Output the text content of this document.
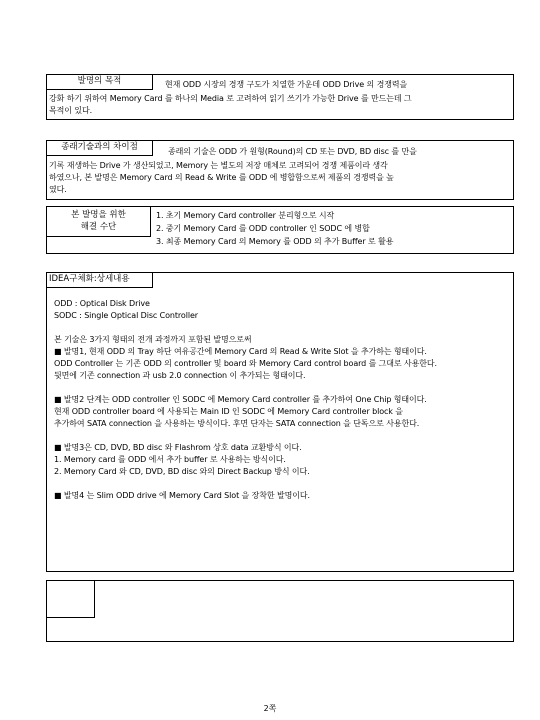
발명의 목적	현재 ODD 시장의 경쟁 구도가 치열한 가운데 ODD Drive 의 경쟁력을
강화 하기 위하여 Memory Card 를 하나의 Media 로 고려하여 읽기 쓰기가 가능한 Drive 를 만드는데 그
목적이 있다.
종래기술과의 차이점	종래의 기술은 ODD 가 원형(Round)의 CD 또는 DVD, BD disc 를 만을
기록 재생하는 Drive 가 생산되었고, Memory 는 별도의 저장 매체로 고려되어 경쟁 제품이라 생각
하였으나, 본 발명은 Memory Card 의 Read & Write 를 ODD 에 병합함으로써 제품의 경쟁력을 높
였다.
본 발명을 위한
해결 수단
1. 초기 Memory Card controller 분리형으로 시작
2. 중기 Memory Card 를 ODD controller 인 SODC 에 병합
3. 최종 Memory Card 의 Memory 를 ODD 의 추가 Buffer 로 활용
IDEA구체화:상세내용
ODD : Optical Disk Drive
SODC : Single Optical Disc Controller
본 기술은 3가지 형태의 전개 과정까지 포함된 발명으로써
■ 발명1, 현재 ODD 의 Tray 하단 여유공간에 Memory Card 의 Read & Write Slot 을 추가하는 형태이다.
ODD Controller 는 기존 ODD 의 controller 및 board 와 Memory Card control board 를 그대로 사용한다.
뒷면에 기존 connection 과 usb 2.0 connection 이 추가되는 형태이다.
■ 발명2 단계는 ODD controller 인 SODC 에 Memory Card controller 를 추가하여 One Chip 형태이다.
현재 ODD controller board 에 사용되는 Main ID 인 SODC 에 Memory Card controller block 을
추가하여 SATA connection 을 사용하는 방식이다. 후면 단자는 SATA connection 을 단독으로 사용한다.
■ 발명3은 CD, DVD, BD disc 와 Flashrom 상호 data 교환방식 이다.
1. Memory card 를 ODD 에서 추가 buffer 로 사용하는 방식이다.
2. Memory Card 와 CD, DVD, BD disc 와의 Direct Backup 방식 이다.
■ 발명4 는 Slim ODD drive 에 Memory Card Slot 을 장착한 발명이다.
2쪽
